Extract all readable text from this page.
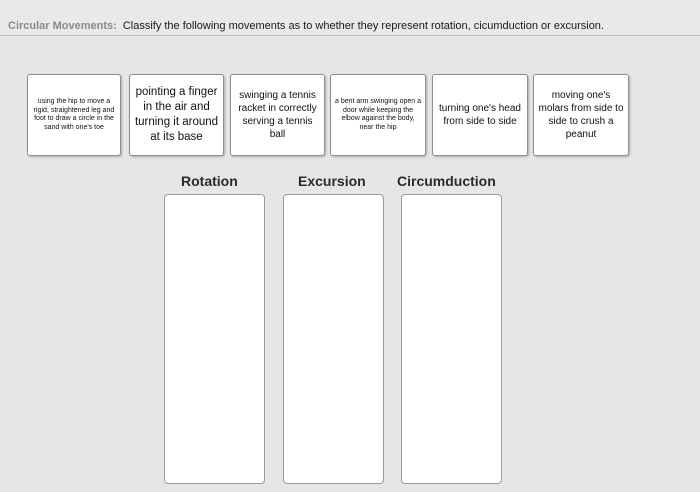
Circular Movements: Classify the following movements as to whether they represent rotation, cicumduction or excursion.
using the hip to move a rigid, straightened leg and foot to draw a circle in the sand with one's toe
pointing a finger in the air and turning it around at its base
swinging a tennis racket in correctly serving a tennis ball
a bent arm swinging open a door while keeping the elbow against the body, near the hip
turning one's head from side to side
moving one's molars from side to side to crush a peanut
Rotation	Excursion Circumduction
